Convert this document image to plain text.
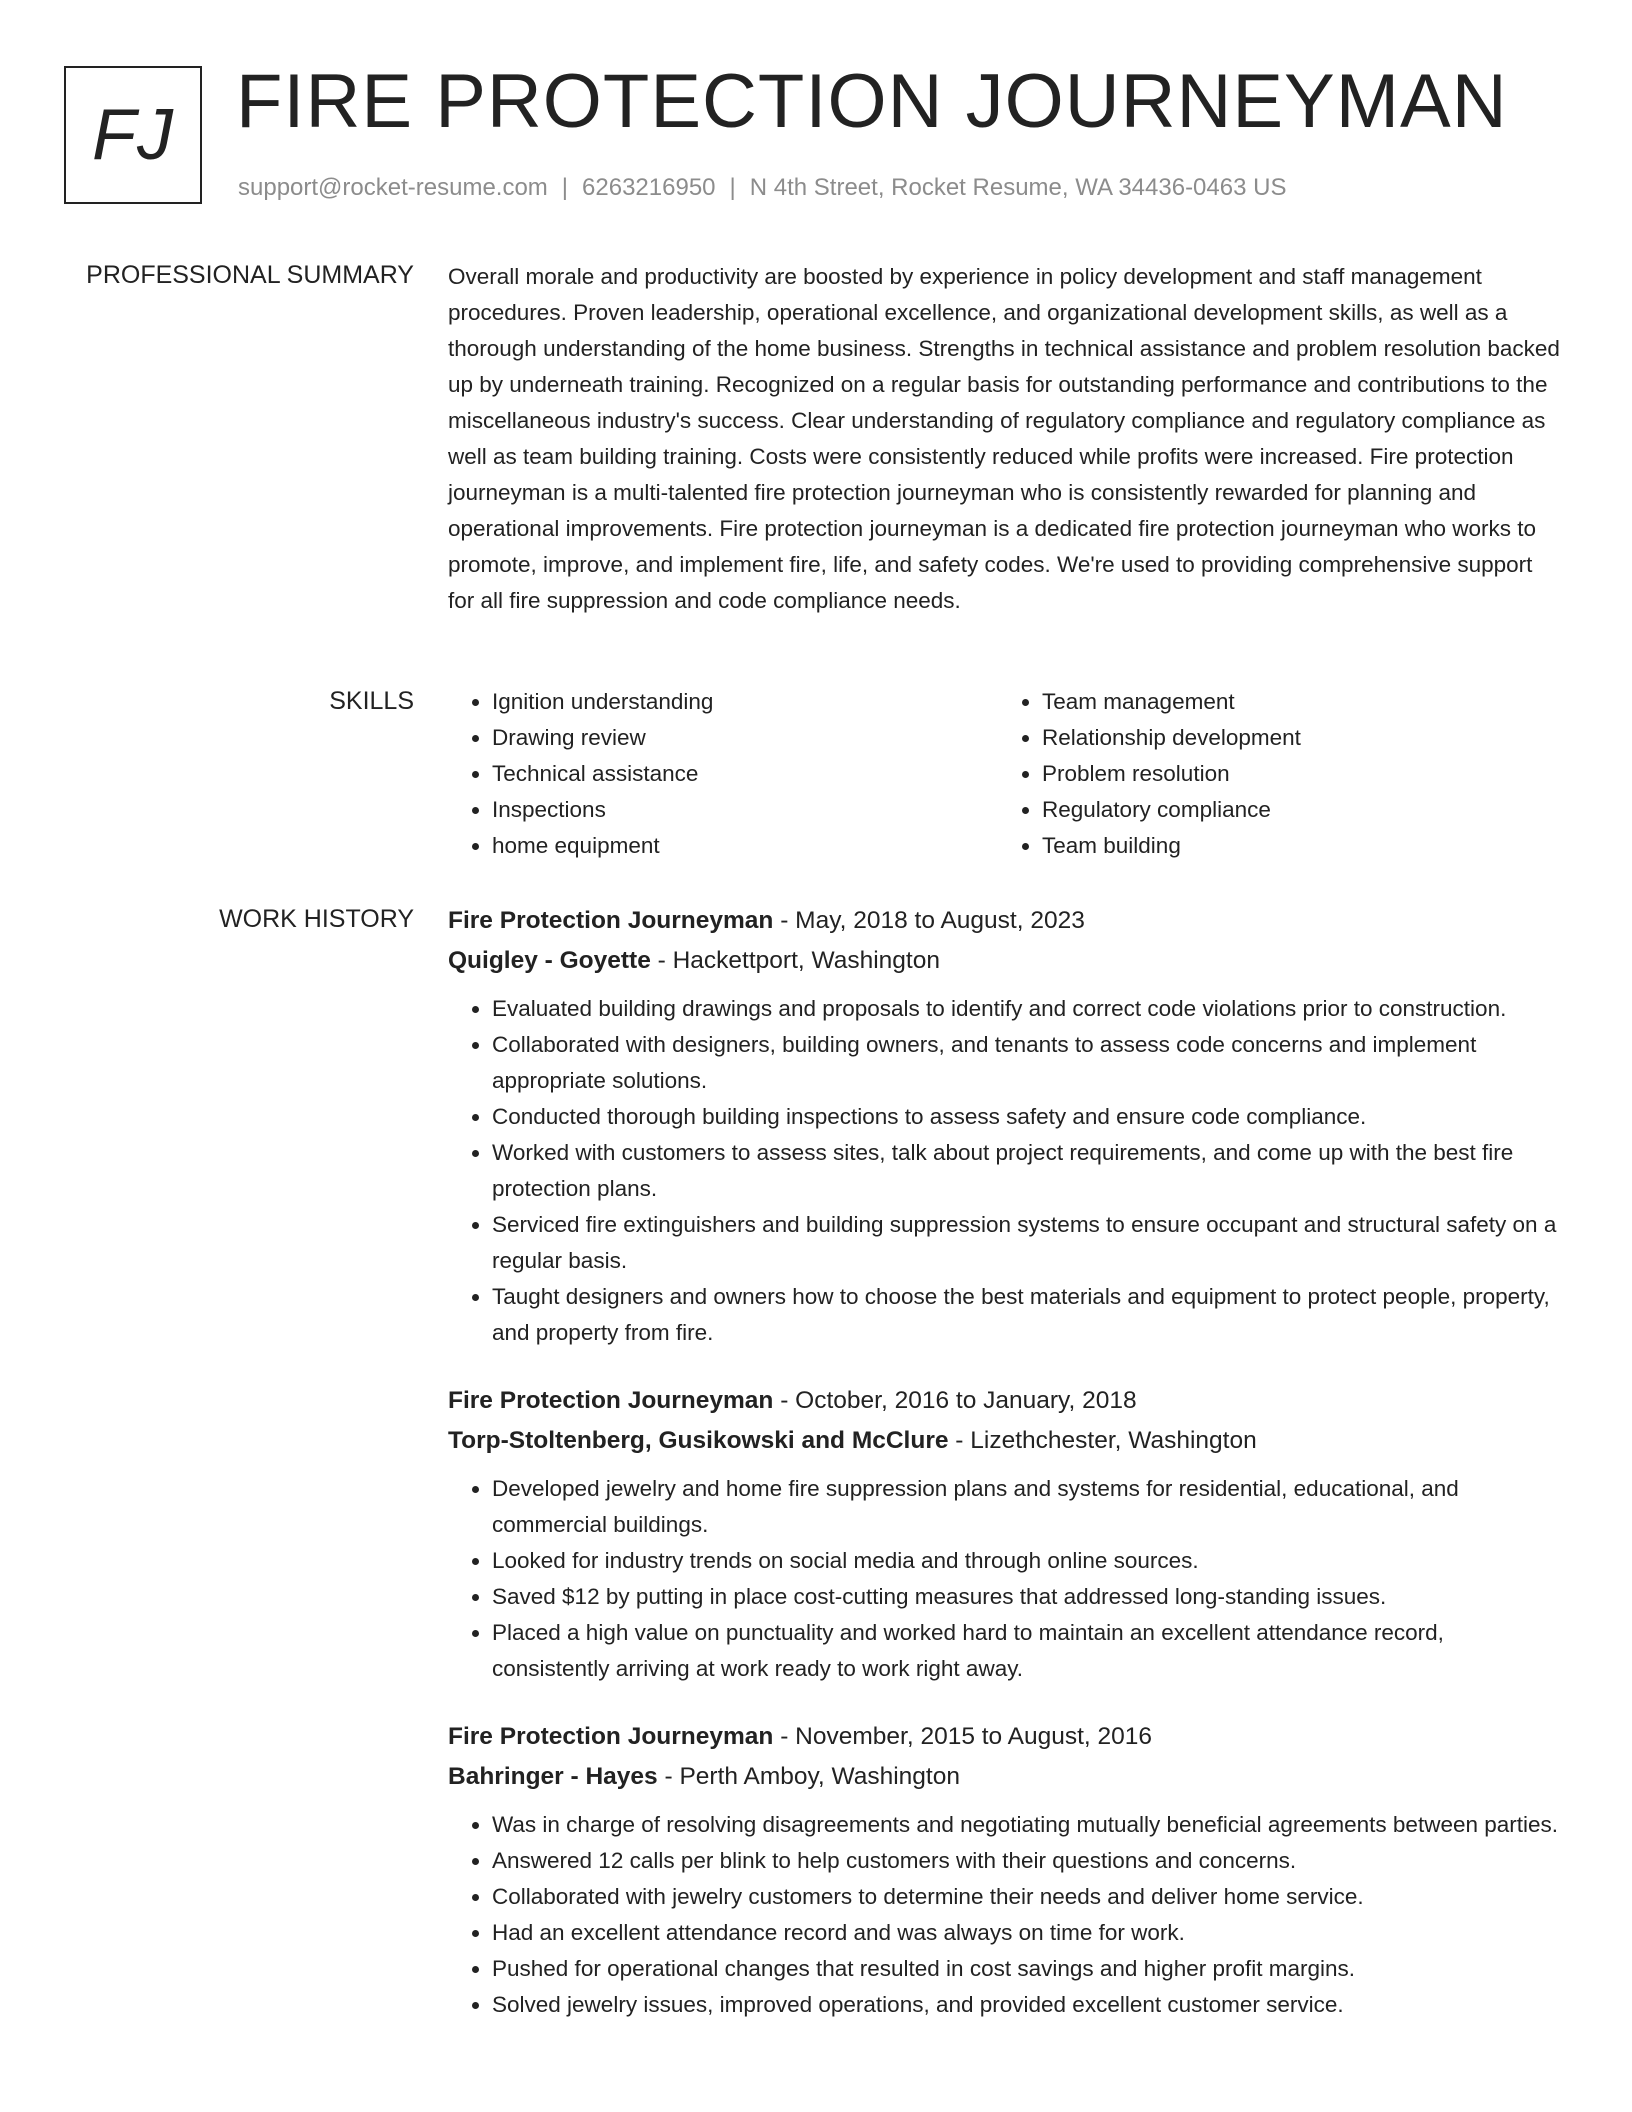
FJ FIRE PROTECTION JOURNEYMAN
support@rocket-resume.com | 6263216950 | N 4th Street, Rocket Resume, WA 34436-0463 US
PROFESSIONAL SUMMARY Overall morale and productivity are boosted by experience in policy development and staff management procedures. Proven leadership, operational excellence, and organizational development skills, as well as a thorough understanding of the home business. Strengths in technical assistance and problem resolution backed up by underneath training. Recognized on a regular basis for outstanding performance and contributions to the miscellaneous industry's success. Clear understanding of regulatory compliance and regulatory compliance as well as team building training. Costs were consistently reduced while profits were increased. Fire protection journeyman is a multi-talented fire protection journeyman who is consistently rewarded for planning and operational improvements. Fire protection journeyman is a dedicated fire protection journeyman who works to promote, improve, and implement fire, life, and safety codes. We're used to providing comprehensive support for all fire suppression and code compliance needs.

SKILLS
•	Ignition understanding
• Drawing review
• Technical assistance
• Inspections
• home equipment
• Team management
• Relationship development
• Problem resolution
• Regulatory compliance
• Team building
WORK HISTORY Fire Protection Journeyman - May, 2018 to August, 2023
Quigley - Goyette - Hackettport, Washington
• Evaluated building drawings and proposals to identify and correct code violations prior to construction.
• Collaborated with designers, building owners, and tenants to assess code concerns and implement appropriate solutions.
• Conducted thorough building inspections to assess safety and ensure code compliance.
• Worked with customers to assess sites, talk about project requirements, and come up with the best fire protection plans.
• Serviced fire extinguishers and building suppression systems to ensure occupant and structural safety on a regular basis.
• Taught designers and owners how to choose the best materials and equipment to protect people, property, and property from fire.
Fire Protection Journeyman - October, 2016 to January, 2018
Torp-Stoltenberg, Gusikowski and McClure - Lizethchester, Washington
• Developed jewelry and home fire suppression plans and systems for residential, educational, and commercial buildings.
• Looked for industry trends on social media and through online sources.
• Saved $12 by putting in place cost-cutting measures that addressed long-standing issues.
• Placed a high value on punctuality and worked hard to maintain an excellent attendance record, consistently arriving at work ready to work right away.
Fire Protection Journeyman - November, 2015 to August, 2016
Bahringer - Hayes - Perth Amboy, Washington
• Was in charge of resolving disagreements and negotiating mutually beneficial agreements between parties.
• Answered 12 calls per blink to help customers with their questions and concerns.
• Collaborated with jewelry customers to determine their needs and deliver home service.
• Had an excellent attendance record and was always on time for work.
• Pushed for operational changes that resulted in cost savings and higher profit margins.
• Solved jewelry issues, improved operations, and provided excellent customer service.
